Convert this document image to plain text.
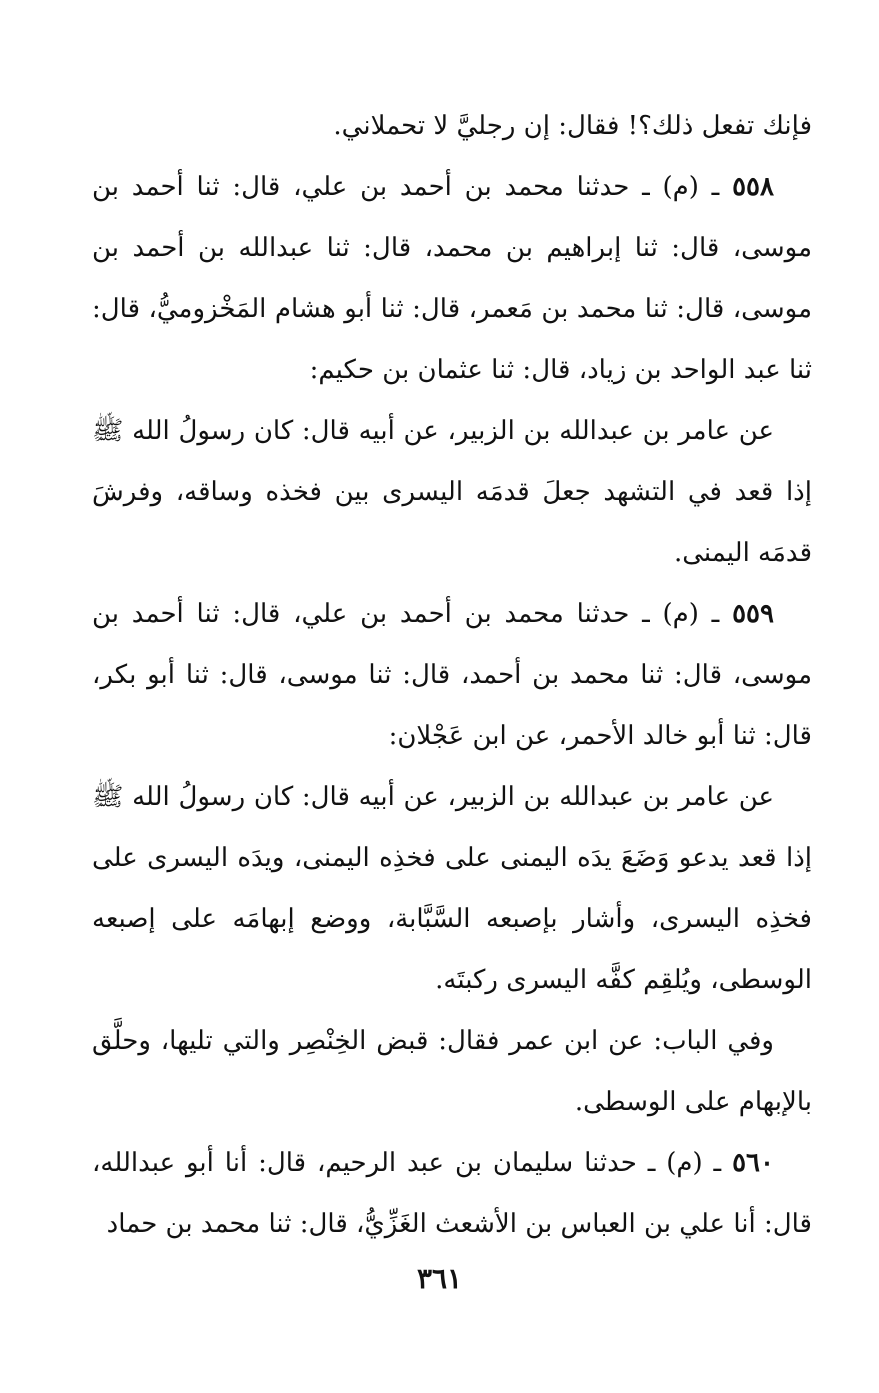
فإنك تفعل ذلك؟! فقال: إن رجليَّ لا تحملاني.

٥٥٨ ـ (م) ـ حدثنا محمد بن أحمد بن علي، قال: ثنا أحمد بن موسى، قال: ثنا إبراهيم بن محمد، قال: ثنا عبدالله بن أحمد بن موسى، قال: ثنا محمد بن مَعمر، قال: ثنا أبو هشام المَخْزوميُّ، قال: ثنا عبد الواحد بن زياد، قال: ثنا عثمان بن حكيم:

عن عامر بن عبدالله بن الزبير، عن أبيه قال: كان رسولُ الله ﷺ إذا قعد في التشهد جعلَ قدمَه اليسرى بين فخذه وساقه، وفرشَ قدمَه اليمنى.

٥٥٩ ـ (م) ـ حدثنا محمد بن أحمد بن علي، قال: ثنا أحمد بن موسى، قال: ثنا محمد بن أحمد، قال: ثنا موسى، قال: ثنا أبو بكر، قال: ثنا أبو خالد الأحمر، عن ابن عَجْلان:

عن عامر بن عبدالله بن الزبير، عن أبيه قال: كان رسولُ الله ﷺ إذا قعد يدعو وَضَعَ يدَه اليمنى على فخذِه اليمنى، ويدَه اليسرى على فخذِه اليسرى، وأشار بإصبعه السَّبَّابة، ووضع إبهامَه على إصبعه الوسطى، ويُلقِم كفَّه اليسرى ركبتَه.

وفي الباب: عن ابن عمر فقال: قبض الخِنْصِر والتي تليها، وحلَّق بالإبهام على الوسطى.

٥٦٠ ـ (م) ـ حدثنا سليمان بن عبد الرحيم، قال: أنا أبو عبدالله، قال: أنا علي بن العباس بن الأشعث الغَزِّيُّ، قال: ثنا محمد بن حماد

٣٦١
